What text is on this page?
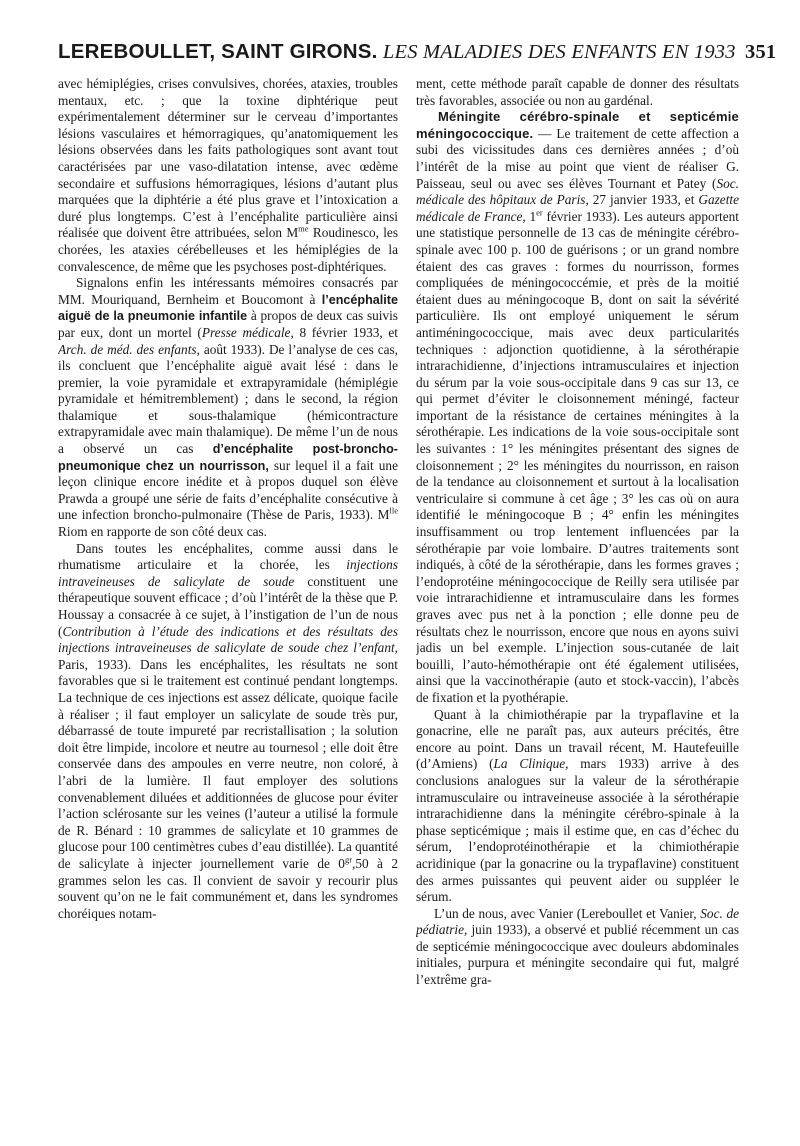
LEREBOULLET, SAINT GIRONS. LES MALADIES DES ENFANTS EN 1933 351

avec hémiplégies, crises convulsives, chorées, ataxies, troubles mentaux, etc. ; que la toxine diphtérique peut expérimentalement déterminer sur le cerveau d’importantes lésions vasculaires et hémorragiques, qu’anatomiquement les lésions observées dans les faits pathologiques sont avant tout caractérisées par une vaso-dilatation intense, avec œdème secondaire et suffusions hémorragiques, lésions d’autant plus marquées que la diphtérie a été plus grave et l’intoxication a duré plus longtemps. C’est à l’encéphalite particulière ainsi réalisée que doivent être attribuées, selon $M^{me}$ Roudinesco, les chorées, les ataxies cérébelleuses et les hémiplégies de la convalescence, de même que les psychoses post-diphtériques.

Signalons enfin les intéressants mémoires consacrés par MM. Mouriquand, Bernheim et Boucomont à l’encéphalite aiguë de la pneumonie infantile à propos de deux cas suivis par eux, dont un mortel (Presse médicale, 8 février 1933, et Arch. de méd. des enfants, août 1933). De l’analyse de ces cas, ils concluent que l’encéphalite aiguë avait lésé : dans le premier, la voie pyramidale et extrapyramidale (hémiplégie pyramidale et hémitremblement) ; dans le second, la région thalamique et sous-thalamique (hémicontracture extrapyramidale avec main thalamique). De même l’un de nous a observé un cas d’encéphalite post-broncho-pneumonique chez un nourrisson, sur lequel il a fait une leçon clinique encore inédite et à propos duquel son élève Prawda a groupé une série de faits d’encéphalite consécutive à une infection broncho-pulmonaire (Thèse de Paris, 1933). $M^{lle}$ Riom en rapporte de son côté deux cas.

Dans toutes les encéphalites, comme aussi dans le rhumatisme articulaire et la chorée, les injections intraveineuses de salicylate de soude constituent une thérapeutique souvent efficace ; d’où l’intérêt de la thèse que P. Houssay a consacrée à ce sujet, à l’instigation de l’un de nous (Contribution à l’étude des indications et des résultats des injections intraveineuses de salicylate de soude chez l’enfant, Paris, 1933). Dans les encéphalites, les résultats ne sont favorables que si le traitement est continué pendant longtemps. La technique de ces injections est assez délicate, quoique facile à réaliser ; il faut employer un salicylate de soude très pur, débarrassé de toute impureté par recristallisation ; la solution doit être limpide, incolore et neutre au tournesol ; elle doit être conservée dans des ampoules en verre neutre, non coloré, à l’abri de la lumière. Il faut employer des solutions convenablement diluées et additionnées de glucose pour éviter l’action sclérosante sur les veines (l’auteur a utilisé la formule de R. Bénard : 10 grammes de salicylate et 10 grammes de glucose pour 100 centimètres cubes d’eau distillée). La quantité de salicylate à injecter journellement varie de $0^{gr},50$ à 2 grammes selon les cas. Il convient de savoir y recourir plus souvent qu’on ne le fait communément et, dans les syndromes choréiques notam-

ment, cette méthode paraît capable de donner des résultats très favorables, associée ou non au gardénal.

Méningite cérébro-spinale et septicémie méningococcique. — Le traitement de cette affection a subi des vicissitudes dans ces dernières années ; d’où l’intérêt de la mise au point que vient de réaliser G. Paisseau, seul ou avec ses élèves Tournant et Patey (Soc. médicale des hôpitaux de Paris, 27 janvier 1933, et Gazette médicale de France, 1er février 1933). Les auteurs apportent une statistique personnelle de 13 cas de méningite cérébro-spinale avec 100 p. 100 de guérisons ; or un grand nombre étaient des cas graves : formes du nourrisson, formes compliquées de méningococcémie, et près de la moitié étaient dues au méningocoque B, dont on sait la sévérité particulière. Ils ont employé uniquement le sérum antiméningococcique, mais avec deux particularités techniques : adjonction quotidienne, à la sérothérapie intrarachidienne, d’injections intramusculaires et injection du sérum par la voie sous-occipitale dans 9 cas sur 13, ce qui permet d’éviter le cloisonnement méningé, facteur important de la résistance de certaines méningites à la sérothérapie. Les indications de la voie sous-occipitale sont les suivantes : 1° les méningites présentant des signes de cloisonnement ; 2° les méningites du nourrisson, en raison de la tendance au cloisonnement et surtout à la localisation ventriculaire si commune à cet âge ; 3° les cas où on aura identifié le méningocoque B ; 4° enfin les méningites insuffisamment ou trop lentement influencées par la sérothérapie par voie lombaire. D’autres traitements sont indiqués, à côté de la sérothérapie, dans les formes graves ; l’endoprotéine méningococcique de Reilly sera utilisée par voie intrarachidienne et intramusculaire dans les formes graves avec pus net à la ponction ; elle donne peu de résultats chez le nourrisson, encore que nous en ayons suivi jadis un bel exemple. L’injection sous-cutanée de lait bouilli, l’auto-hémothérapie ont été également utilisées, ainsi que la vaccinothérapie (auto et stock-vaccin), l’abcès de fixation et la pyothérapie.

Quant à la chimiothérapie par la trypaflavine et la gonacrine, elle ne paraît pas, aux auteurs précités, être encore au point. Dans un travail récent, M. Hautefeuille (d’Amiens) (La Clinique, mars 1933) arrive à des conclusions analogues sur la valeur de la sérothérapie intramusculaire ou intraveineuse associée à la sérothérapie intrarachidienne dans la méningite cérébro-spinale à la phase septicémique ; mais il estime que, en cas d’échec du sérum, l’endoprotéinothérapie et la chimiothérapie acridinique (par la gonacrine ou la trypaflavine) constituent des armes puissantes qui peuvent aider ou suppléer le sérum.

L’un de nous, avec Vanier (Lereboullet et Vanier, Soc. de pédiatrie, juin 1933), a observé et publié récemment un cas de septicémie méningococcique avec douleurs abdominales initiales, purpura et méningite secondaire qui fut, malgré l’extrême gra-
